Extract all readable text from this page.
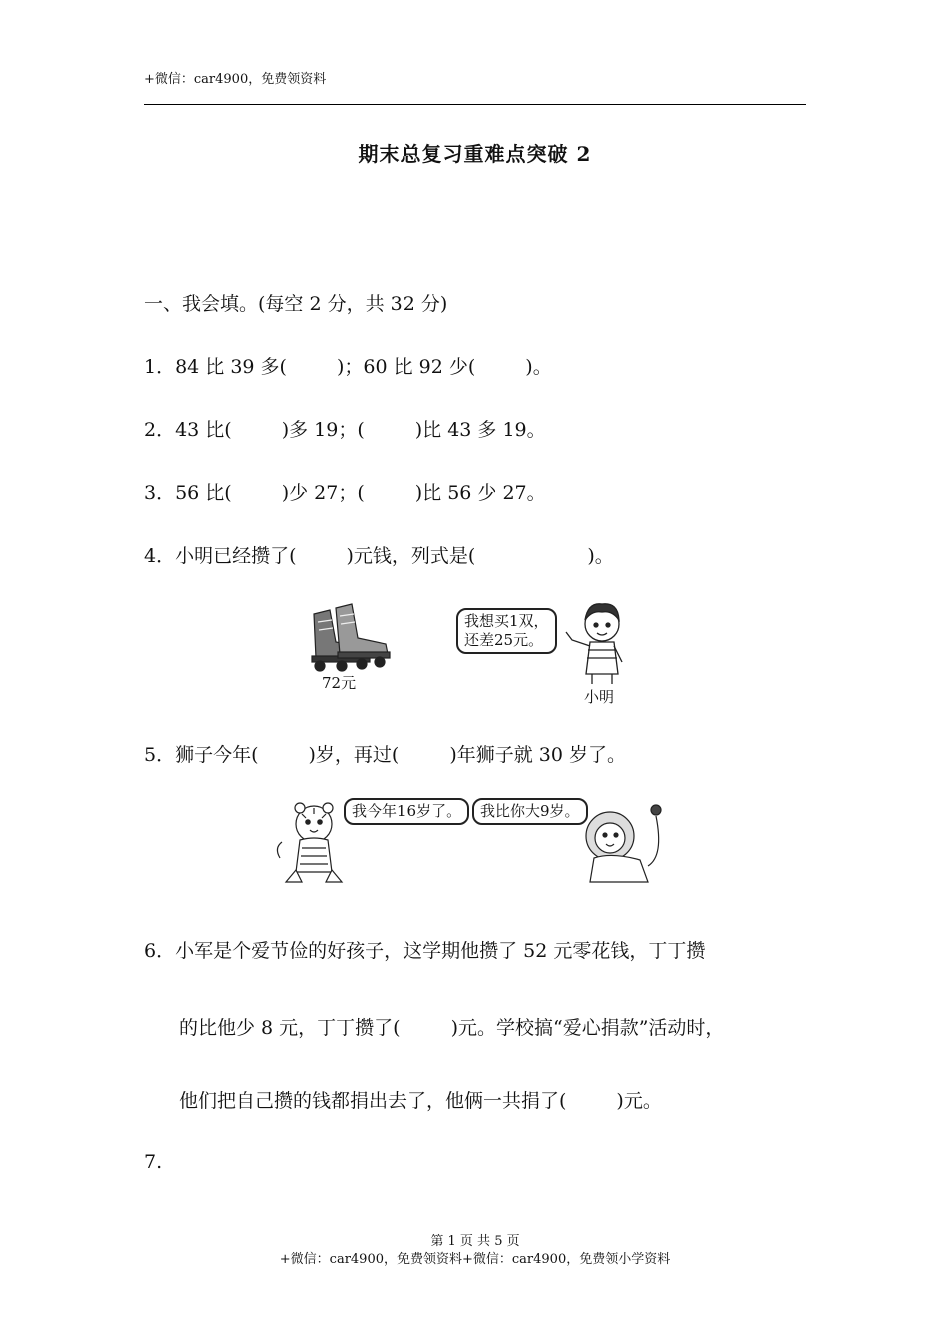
+微信：car4900，免费领资料
期末总复习重难点突破 2
一、我会填。(每空 2 分，共 32 分)
1．84 比 39 多(	)；60 比 92 少(	)。
2．43 比(	)多 19；(	)比 43 多 19。
3．56 比(	)少 27；(	)比 56 少 27。
4．小明已经攒了(	)元钱，列式是(	)。
72元
我想买1双，
还差25元。
小明
5．狮子今年(	)岁，再过(	)年狮子就 30 岁了。
我今年16岁了。	我比你大9岁。
6．小军是个爱节俭的好孩子，这学期他攒了 52 元零花钱，丁丁攒
的比他少 8 元，丁丁攒了(	)元。学校搞“爱心捐款”活动时，
他们把自己攒的钱都捐出去了，他俩一共捐了(	)元。
7.
第 1 页 共 5 页
+微信：car4900，免费领资料+微信：car4900，免费领小学资料
